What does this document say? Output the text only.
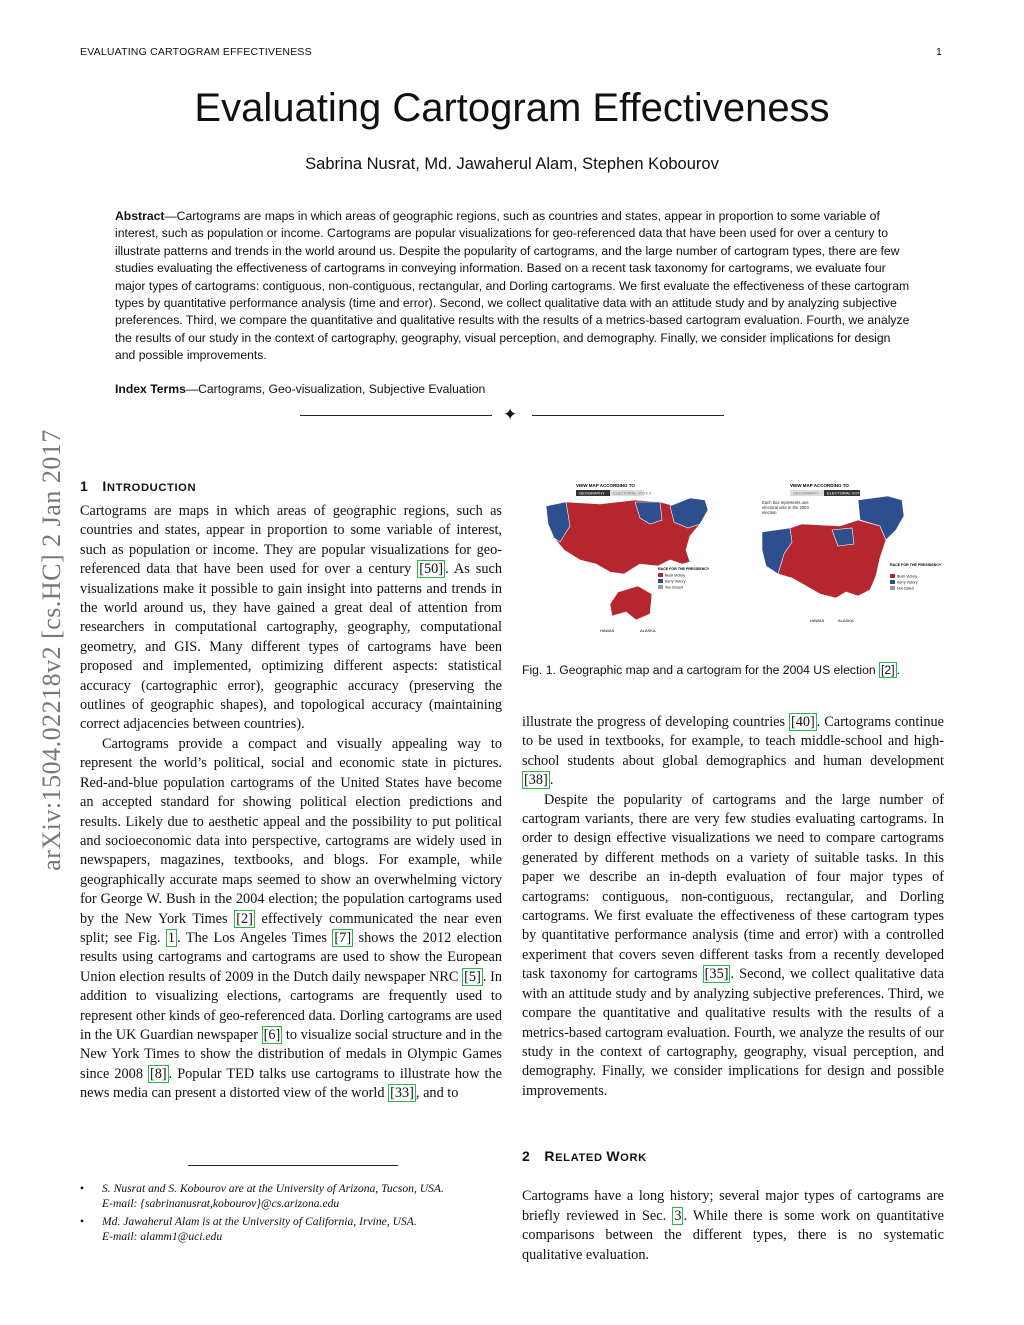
EVALUATING CARTOGRAM EFFECTIVENESS	1
Evaluating Cartogram Effectiveness
Sabrina Nusrat, Md. Jawaherul Alam, Stephen Kobourov

Abstract—Cartograms are maps in which areas of geographic regions, such as countries and states, appear in proportion to some variable of interest, such as population or income. Cartograms are popular visualizations for geo-referenced data that have been used for over a century to illustrate patterns and trends in the world around us. Despite the popularity of cartograms, and the large number of cartogram types, there are few studies evaluating the effectiveness of cartograms in conveying information. Based on a recent task taxonomy for cartograms, we evaluate four major types of cartograms: contiguous, non-contiguous, rectangular, and Dorling cartograms. We first evaluate the effectiveness of these cartogram types by quantitative performance analysis (time and error). Second, we collect qualitative data with an attitude study and by analyzing subjective preferences. Third, we compare the quantitative and qualitative results with the results of a metrics-based cartogram evaluation. Fourth, we analyze the results of our study in the context of cartography, geography, visual perception, and demography. Finally, we consider implications for design and possible improvements.

Index Terms—Cartograms, Geo-visualization, Subjective Evaluation
✦
arXiv:1504.02218v2 [cs.HC] 2 Jan 2017 1 INTRODUCTION

Cartograms are maps in which areas of geographic regions, such as countries and states, appear in proportion to some variable of interest, such as population or income. They are popular visualizations for geo-referenced data that have been used for over a century [50] . As such visualizations make it possible to gain insight into patterns and trends in the world around us, they have gained a great deal of attention from researchers in computational cartography, geography, computational geometry, and GIS. Many different types of cartograms have been proposed and implemented, optimizing different aspects: statistical accuracy (cartographic error), geographic accuracy (preserving the outlines of geographic shapes), and topological accuracy (maintaining correct adjacencies between countries).

Cartograms provide a compact and visually appealing way to represent the world’s political, social and economic state in pictures. Red-and-blue population cartograms of the United States have become an accepted standard for showing political election predictions and results. Likely due to aesthetic appeal and the possibility to put political and socioeconomic data into perspective, cartograms are widely used in newspapers, magazines, textbooks, and blogs. For example, while geographically accurate maps seemed to show an overwhelming victory for George W. Bush in the 2004 election; the population cartograms used by the New York Times [2] effectively communicated the near even split; see Fig. 1 . The Los Angeles Times [7] shows the 2012 election results using cartograms and cartograms are used to show the European Union election results of 2009 in the Dutch daily newspaper NRC [5] . In addition to visualizing elections, cartograms are frequently used to represent other kinds of geo-referenced data. Dorling cartograms are used in the UK Guardian newspaper [6] to visualize social structure and in the New York Times to show the distribution of medals in Olympic Games since 2008 [8] . Popular TED talks use cartograms to illustrate how the news media can present a distorted view of the world [33] , and to

• S. Nusrat and S. Kobourov are at the University of Arizona, Tucson, USA.
E-mail: {sabrinanusrat,kobourov}@cs.arizona.edu
• Md. Jawaherul Alam is at the University of California, Irvine, USA.
E-mail: alamm1@uci.edu
VIEW MAP ACCORDING TO
GEOGRAPHY ELECTORAL VOTES
HAWAII	ALASKA
RACE FOR THE PRESIDENCY
Bush Victory
Kerry Victory
Too Closed
VIEW MAP ACCORDING TO
GEOGRAPHY ELECTORAL VOTES
Each box represents one electoral vote in the 2004 election
HAWAII	ALASKA
RACE FOR THE PRESIDENCY
Bush Victory
Kerry Victory
Not Called
Fig. 1. Geographic map and a cartogram for the 2004 US election [2] .

illustrate the progress of developing countries [40] . Cartograms continue to be used in textbooks, for example, to teach middle-school and high-school students about global demographics and human development [38] .

Despite the popularity of cartograms and the large number of cartogram variants, there are very few studies evaluating cartograms. In order to design effective visualizations we need to compare cartograms generated by different methods on a variety of suitable tasks. In this paper we describe an in-depth evaluation of four major types of cartograms: contiguous, non-contiguous, rectangular, and Dorling cartograms. We first evaluate the effectiveness of these cartogram types by quantitative performance analysis (time and error) with a controlled experiment that covers seven different tasks from a recently developed task taxonomy for cartograms [35] . Second, we collect qualitative data with an attitude study and by analyzing subjective preferences. Third, we compare the quantitative and qualitative results with the results of a metrics-based cartogram evaluation. Fourth, we analyze the results of our study in the context of cartography, geography, visual perception, and demography. Finally, we consider implications for design and possible improvements.

2 RELATED WORK

Cartograms have a long history; several major types of cartograms are briefly reviewed in Sec. 3 . While there is some work on quantitative comparisons between the different types, there is no systematic qualitative evaluation.
